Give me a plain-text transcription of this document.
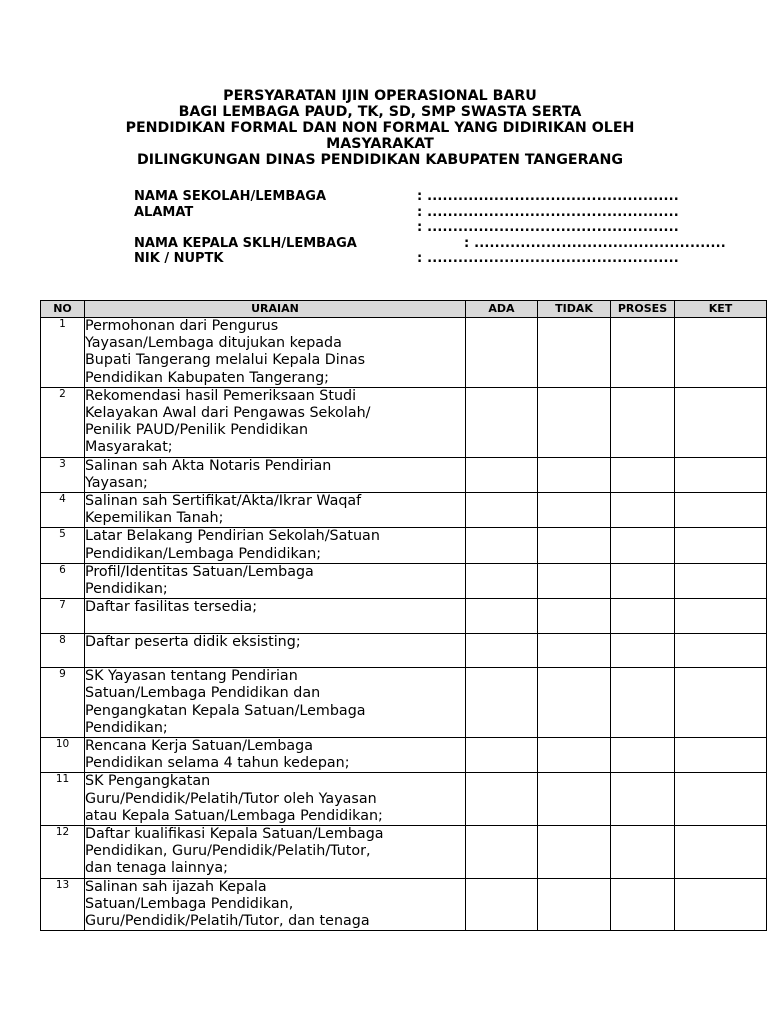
PERSYARATAN IJIN OPERASIONAL BARU
BAGI LEMBAGA PAUD, TK, SD, SMP SWASTA SERTA
PENDIDIKAN FORMAL DAN NON FORMAL YANG DIDIRIKAN OLEH
MASYARAKAT
DILINGKUNGAN DINAS PENDIDIKAN KABUPATEN TANGERANG
NAMA SEKOLAH/LEMBAGA	: .................................................
ALAMAT	: .................................................
: .................................................
NAMA KEPALA SKLH/LEMBAGA	: .................................................
NIK / NUPTK	: .................................................
NO	URAIAN	ADA	TIDAK	PROSES	KET
1	Permohonan dari Pengurus
Yayasan/Lembaga ditujukan kepada
Bupati Tangerang melalui Kepala Dinas
Pendidikan Kabupaten Tangerang;				
2	Rekomendasi hasil Pemeriksaan Studi
Kelayakan Awal dari Pengawas Sekolah/
Penilik PAUD/Penilik Pendidikan
Masyarakat;				
3	Salinan sah Akta Notaris Pendirian
Yayasan;				
4	Salinan sah Sertifikat/Akta/Ikrar Waqaf
Kepemilikan Tanah;				
5	Latar Belakang Pendirian Sekolah/Satuan
Pendidikan/Lembaga Pendidikan;				
6	Profil/Identitas Satuan/Lembaga
Pendidikan;				
7	Daftar fasilitas tersedia;				
8	Daftar peserta didik eksisting;				
9	SK Yayasan tentang Pendirian
Satuan/Lembaga Pendidikan dan
Pengangkatan Kepala Satuan/Lembaga
Pendidikan;				
10	Rencana Kerja Satuan/Lembaga
Pendidikan selama 4 tahun kedepan;				
11	SK Pengangkatan
Guru/Pendidik/Pelatih/Tutor oleh Yayasan
atau Kepala Satuan/Lembaga Pendidikan;				
12	Daftar kualifikasi Kepala Satuan/Lembaga
Pendidikan, Guru/Pendidik/Pelatih/Tutor,
dan tenaga lainnya;				
13	Salinan sah ijazah Kepala
Satuan/Lembaga Pendidikan,
Guru/Pendidik/Pelatih/Tutor, dan tenaga				
